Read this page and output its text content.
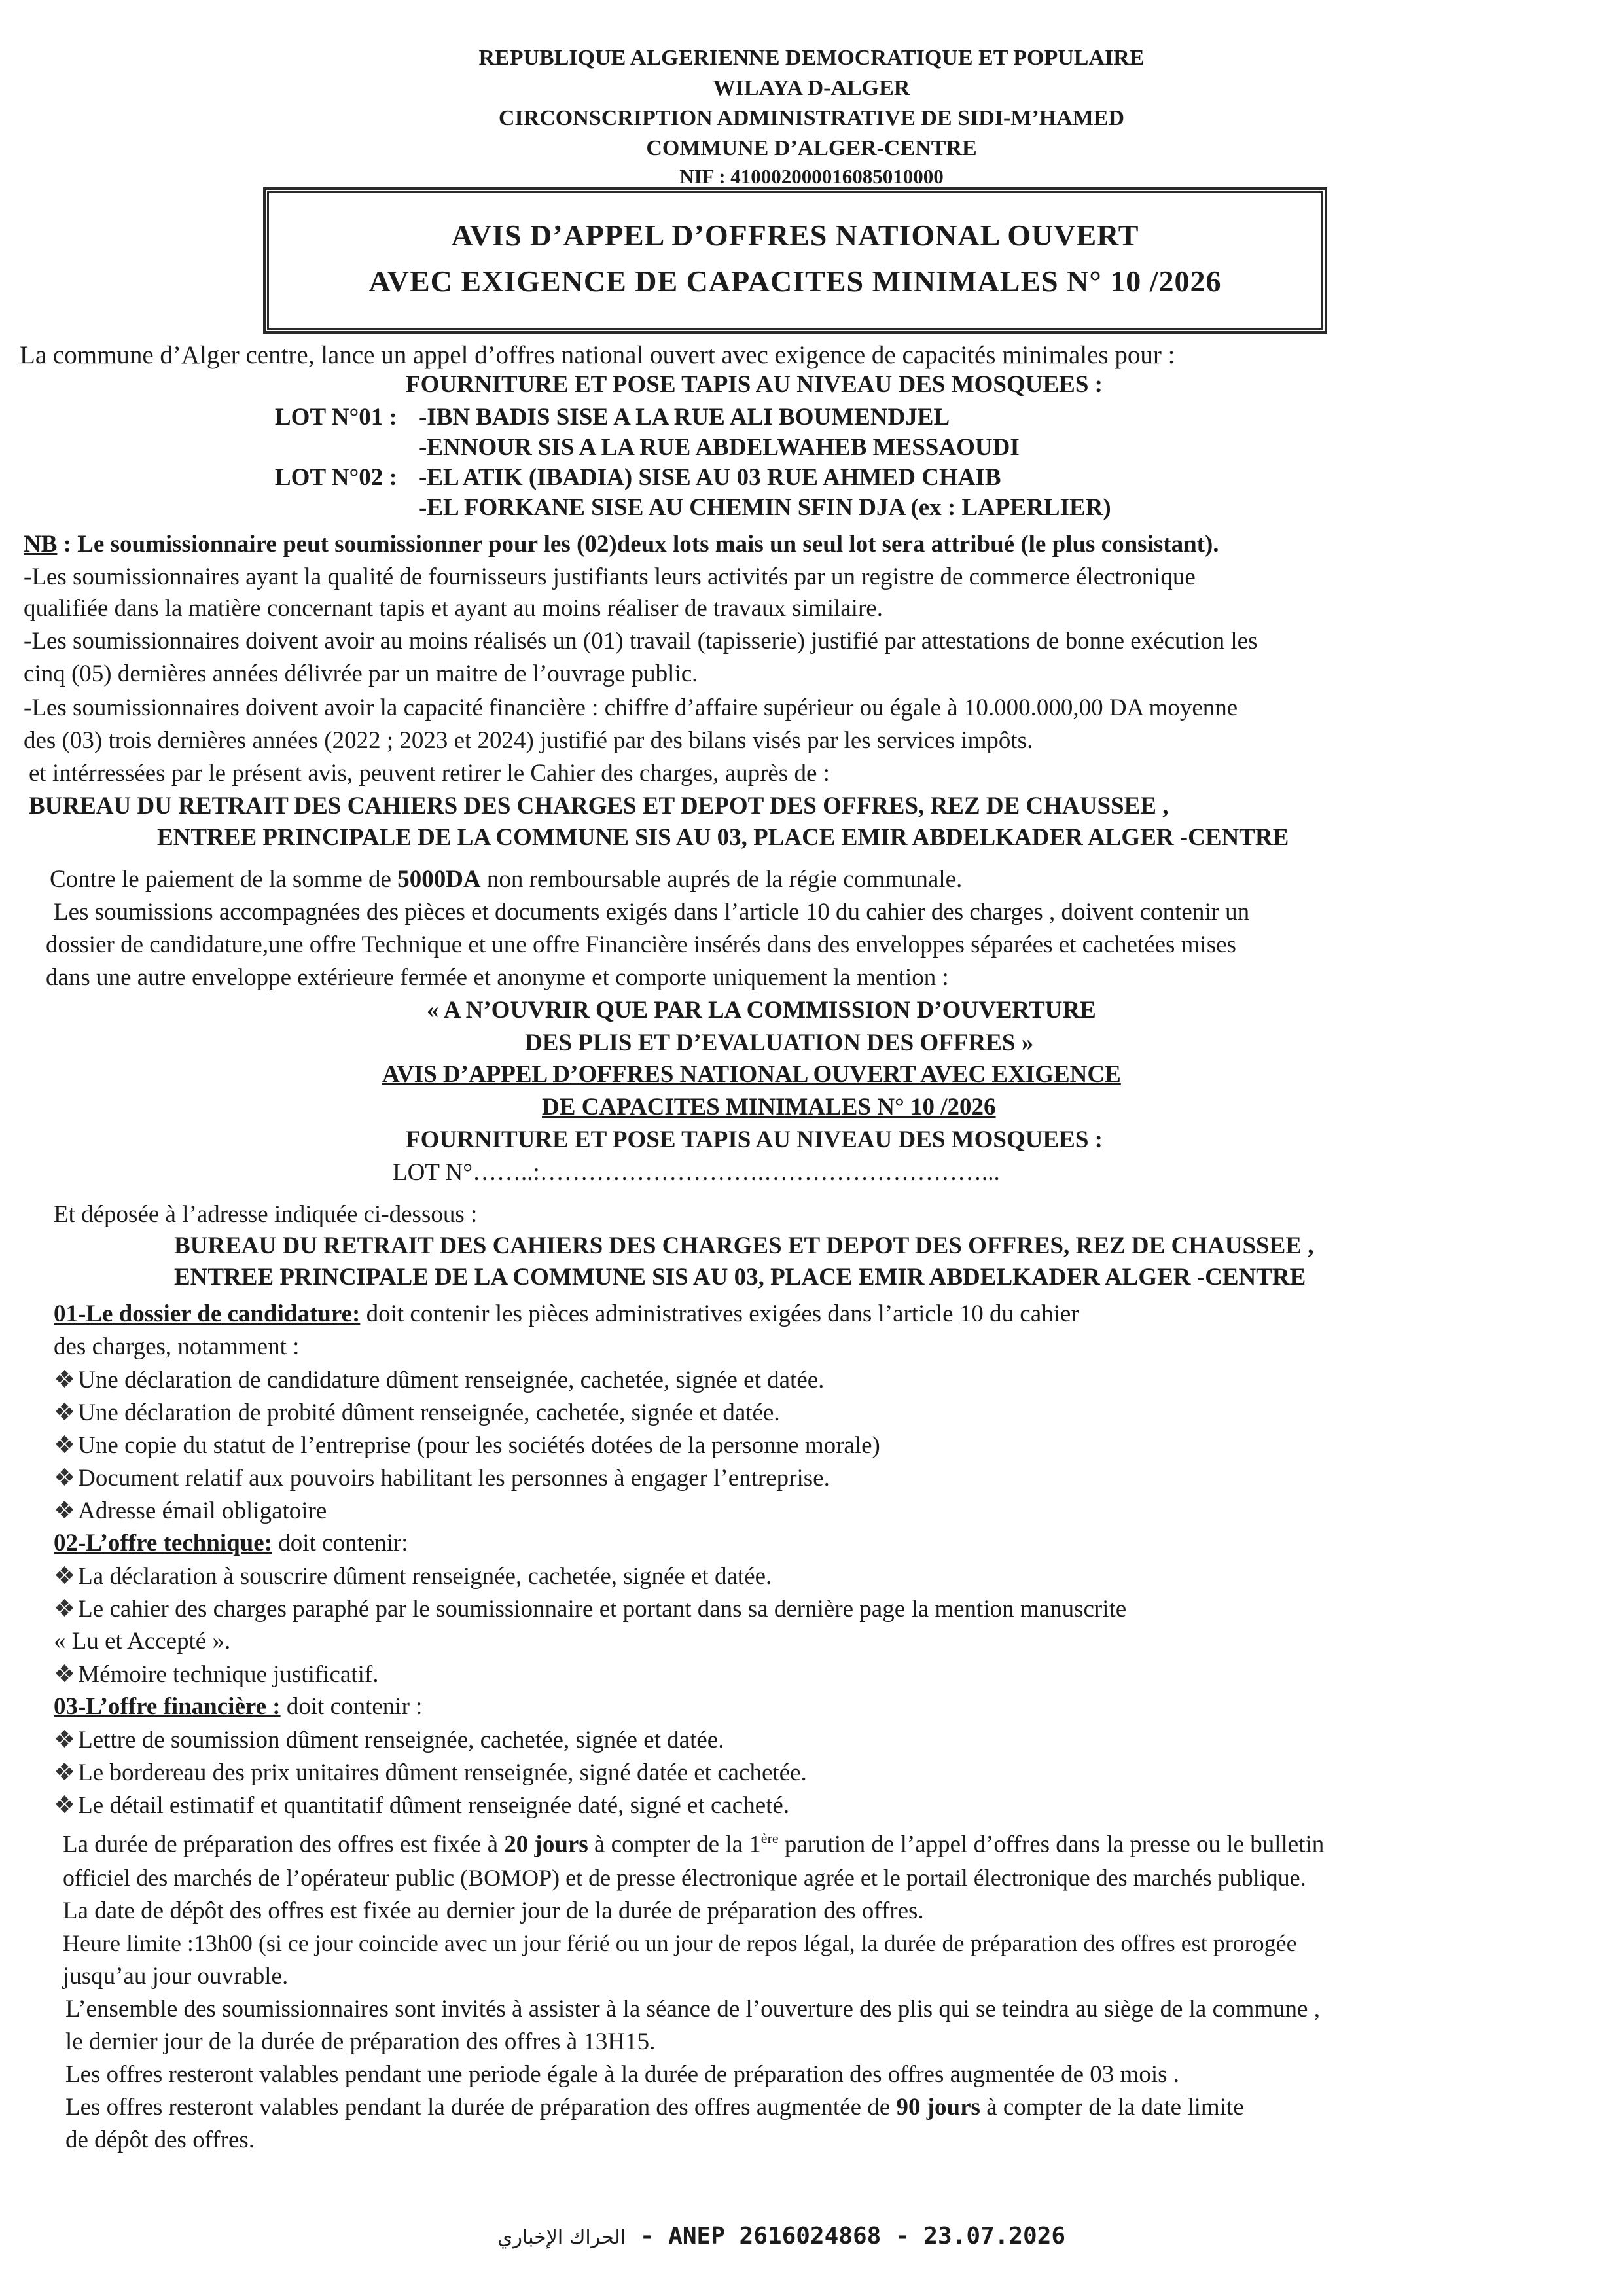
REPUBLIQUE ALGERIENNE DEMOCRATIQUE ET POPULAIRE
WILAYA D-ALGER
CIRCONSCRIPTION ADMINISTRATIVE DE SIDI-M’HAMED
COMMUNE D’ALGER-CENTRE
NIF : 410002000016085010000
AVIS D’APPEL D’OFFRES NATIONAL OUVERT
AVEC EXIGENCE DE CAPACITES MINIMALES N° 10 /2026
La commune d’Alger centre, lance un appel d’offres national ouvert avec exigence de capacités minimales pour :
FOURNITURE ET POSE TAPIS AU NIVEAU DES MOSQUEES :
LOT N°01 : -IBN BADIS SISE A LA RUE ALI BOUMENDJEL
-ENNOUR SIS A LA RUE ABDELWAHEB MESSAOUDI
LOT N°02 : -EL ATIK (IBADIA) SISE AU 03 RUE AHMED CHAIB
-EL FORKANE SISE AU CHEMIN SFIN DJA (ex : LAPERLIER)
NB : Le soumissionnaire peut soumissionner pour les (02)deux lots mais un seul lot sera attribué (le plus consistant).
-Les soumissionnaires ayant la qualité de fournisseurs justifiants leurs activités par un registre de commerce électronique
qualifiée dans la matière concernant tapis et ayant au moins réaliser de travaux similaire.
-Les soumissionnaires doivent avoir au moins réalisés un (01) travail (tapisserie) justifié par attestations de bonne exécution les
cinq (05) dernières années délivrée par un maitre de l’ouvrage public.
-Les soumissionnaires doivent avoir la capacité financière : chiffre d’affaire supérieur ou égale à 10.000.000,00 DA moyenne
des (03) trois dernières années (2022 ; 2023 et 2024) justifié par des bilans visés par les services impôts.
et intérressées par le présent avis, peuvent retirer le Cahier des charges, auprès de :
BUREAU DU RETRAIT DES CAHIERS DES CHARGES ET DEPOT DES OFFRES, REZ DE CHAUSSEE ,
ENTREE PRINCIPALE DE LA COMMUNE SIS AU 03, PLACE EMIR ABDELKADER ALGER -CENTRE
Contre le paiement de la somme de 5000DA non remboursable auprés de la régie communale.
Les soumissions accompagnées des pièces et documents exigés dans l’article 10 du cahier des charges , doivent contenir un
dossier de candidature,une offre Technique et une offre Financière insérés dans des enveloppes séparées et cachetées mises
dans une autre enveloppe extérieure fermée et anonyme et comporte uniquement la mention :
« A N’OUVRIR QUE PAR LA COMMISSION D’OUVERTURE
DES PLIS ET D’EVALUATION DES OFFRES »
AVIS D’APPEL D’OFFRES NATIONAL OUVERT AVEC EXIGENCE
DE CAPACITES MINIMALES N° 10 /2026
FOURNITURE ET POSE TAPIS AU NIVEAU DES MOSQUEES :
LOT N°……..:……………………….………………………...
Et déposée à l’adresse indiquée ci-dessous :
BUREAU DU RETRAIT DES CAHIERS DES CHARGES ET DEPOT DES OFFRES, REZ DE CHAUSSEE ,
ENTREE PRINCIPALE DE LA COMMUNE SIS AU 03, PLACE EMIR ABDELKADER ALGER -CENTRE
01-Le dossier de candidature: doit contenir les pièces administratives exigées dans l’article 10 du cahier
des charges, notamment :
❖ Une déclaration de candidature dûment renseignée, cachetée, signée et datée.
❖ Une déclaration de probité dûment renseignée, cachetée, signée et datée.
❖ Une copie du statut de l’entreprise (pour les sociétés dotées de la personne morale)
❖ Document relatif aux pouvoirs habilitant les personnes à engager l’entreprise.
❖ Adresse émail obligatoire
02-L’offre technique: doit contenir:
❖ La déclaration à souscrire dûment renseignée, cachetée, signée et datée.
❖ Le cahier des charges paraphé par le soumissionnaire et portant dans sa dernière page la mention manuscrite
« Lu et Accepté ».
❖ Mémoire technique justificatif.
03-L’offre financière : doit contenir :
❖ Lettre de soumission dûment renseignée, cachetée, signée et datée.
❖ Le bordereau des prix unitaires dûment renseignée, signé datée et cachetée.
❖ Le détail estimatif et quantitatif dûment renseignée daté, signé et cacheté.
La durée de préparation des offres est fixée à 20 jours à compter de la 1ère parution de l’appel d’offres dans la presse ou le bulletin
officiel des marchés de l’opérateur public (BOMOP) et de presse électronique agrée et le portail électronique des marchés publique.
La date de dépôt des offres est fixée au dernier jour de la durée de préparation des offres.
Heure limite :13h00 (si ce jour coincide avec un jour férié ou un jour de repos légal, la durée de préparation des offres est prorogée
jusqu’au jour ouvrable.
L’ensemble des soumissionnaires sont invités à assister à la séance de l’ouverture des plis qui se teindra au siège de la commune ,
le dernier jour de la durée de préparation des offres à 13H15.
Les offres resteront valables pendant une periode égale à la durée de préparation des offres augmentée de 03 mois .
Les offres resteront valables pendant la durée de préparation des offres augmentée de 90 jours à compter de la date limite
de dépôt des offres.
الحراك الإخباري - ANEP 2616024868 - 23.07.2026
